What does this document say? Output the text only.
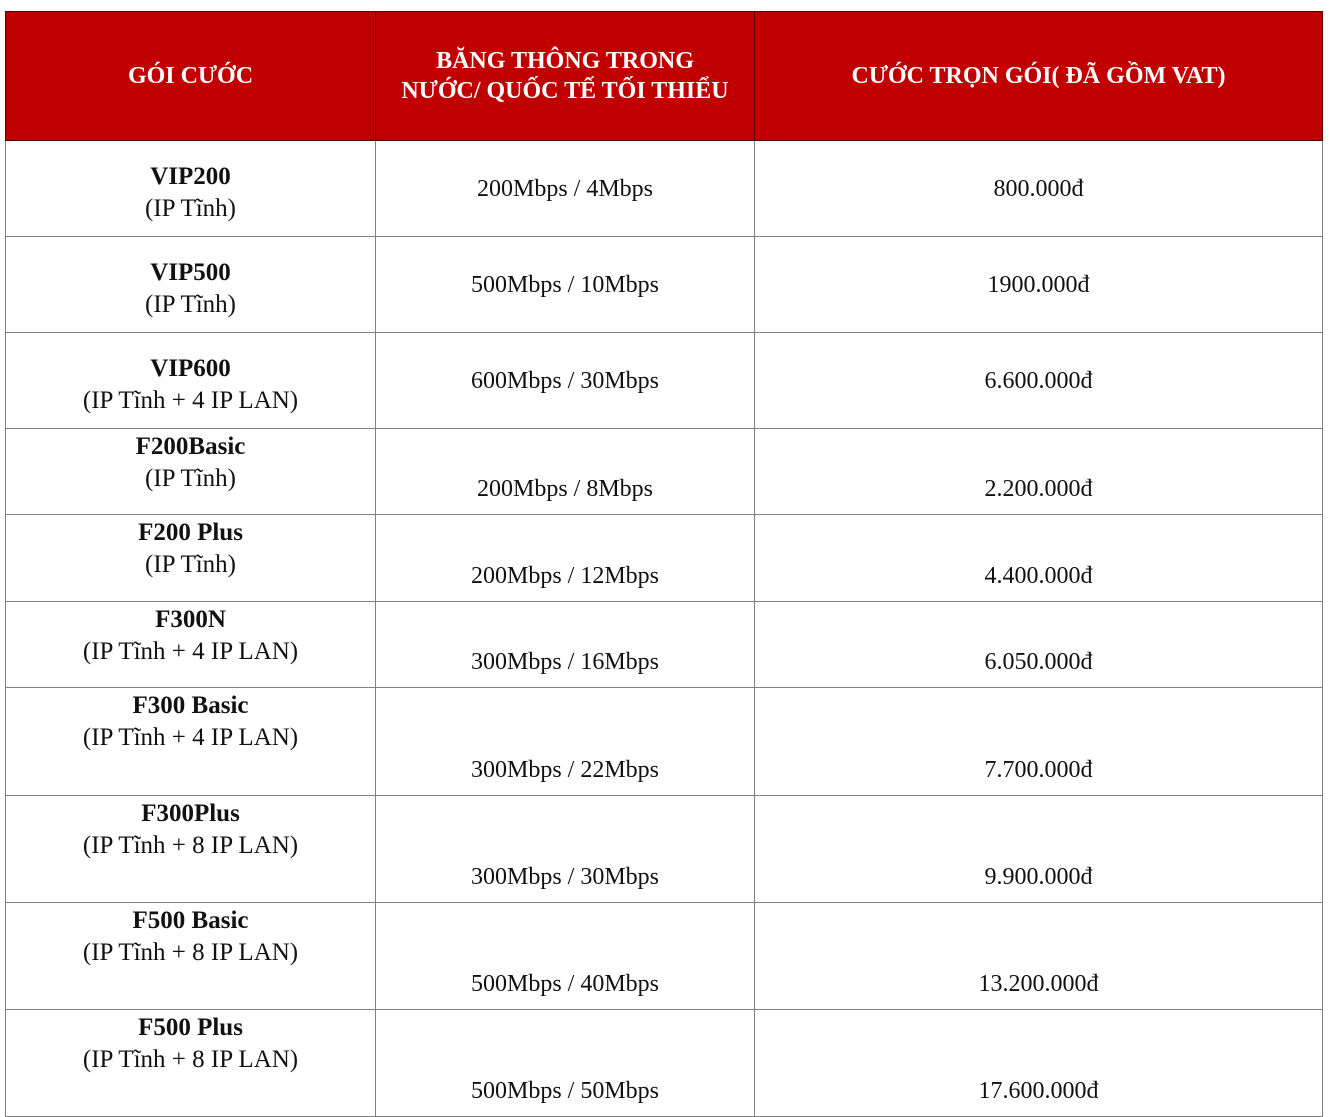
GÓI CƯỚC	BĂNG THÔNG TRONG
NƯỚC/ QUỐC TẾ TỐI THIỂU	CƯỚC TRỌN GÓI( ĐÃ GỒM VAT)

VIP200
(IP Tĩnh)	200Mbps / 4Mbps	800.000đ

VIP500
(IP Tĩnh)	500Mbps / 10Mbps	1900.000đ

VIP600
(IP Tĩnh + 4 IP LAN)	600Mbps / 30Mbps	6.600.000đ

F200Basic
(IP Tĩnh)	200Mbps / 8Mbps	2.200.000đ

F200 Plus
(IP Tĩnh)	200Mbps / 12Mbps	4.400.000đ

F300N
(IP Tĩnh + 4 IP LAN)	300Mbps / 16Mbps	6.050.000đ

F300 Basic
(IP Tĩnh + 4 IP LAN)	300Mbps / 22Mbps	7.700.000đ

F300Plus
(IP Tĩnh + 8 IP LAN)	300Mbps / 30Mbps	9.900.000đ

F500 Basic
(IP Tĩnh + 8 IP LAN)	500Mbps / 40Mbps	13.200.000đ

F500 Plus
(IP Tĩnh + 8 IP LAN)	500Mbps / 50Mbps	17.600.000đ
